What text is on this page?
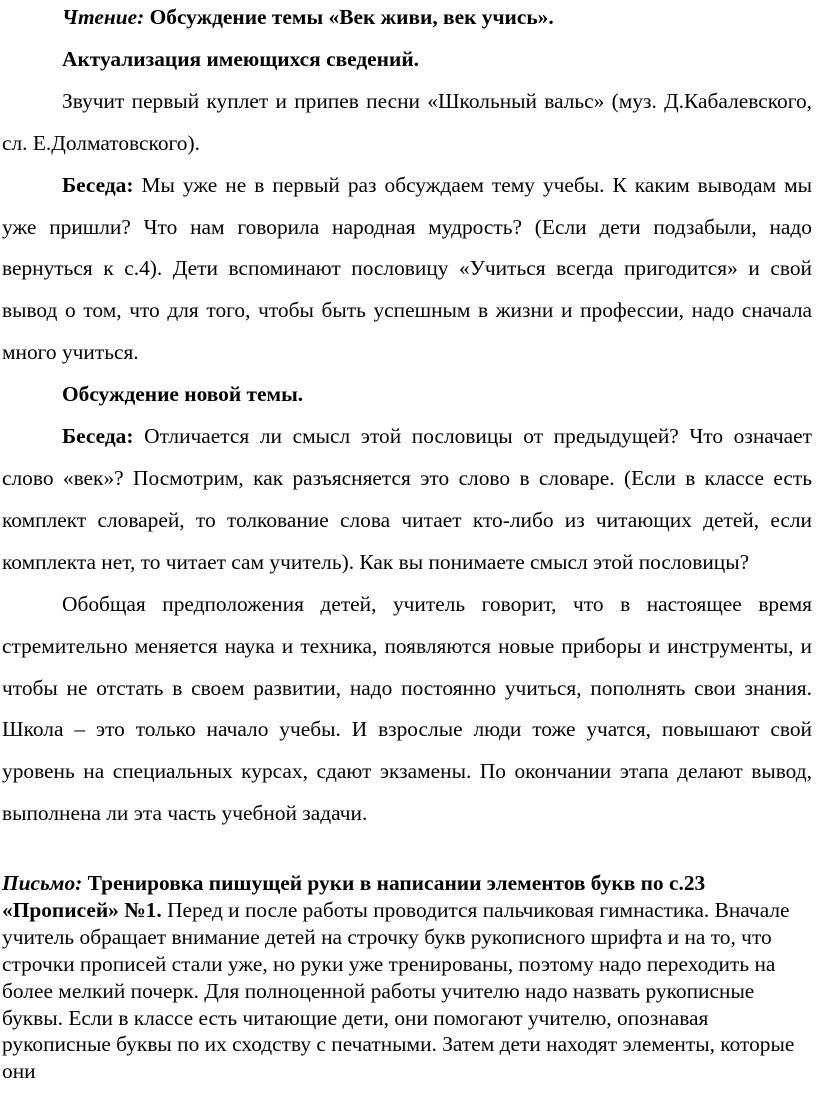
Чтение: Обсуждение темы «Век живи, век учись».

Актуализация имеющихся сведений.

Звучит первый куплет и припев песни «Школьный вальс» (муз. Д.Кабалевского, сл. Е.Долматовского).

Беседа: Мы уже не в первый раз обсуждаем тему учебы. К каким выводам мы уже пришли? Что нам говорила народная мудрость? (Если дети подзабыли, надо вернуться к с.4). Дети вспоминают пословицу «Учиться всегда пригодится» и свой вывод о том, что для того, чтобы быть успешным в жизни и профессии, надо сначала много учиться.

Обсуждение новой темы.

Беседа: Отличается ли смысл этой пословицы от предыдущей? Что означает слово «век»? Посмотрим, как разъясняется это слово в словаре. (Если в классе есть комплект словарей, то толкование слова читает кто-либо из читающих детей, если комплекта нет, то читает сам учитель). Как вы понимаете смысл этой пословицы?

Обобщая предположения детей, учитель говорит, что в настоящее время стремительно меняется наука и техника, появляются новые приборы и инструменты, и чтобы не отстать в своем развитии, надо постоянно учиться, пополнять свои знания. Школа – это только начало учебы. И взрослые люди тоже учатся, повышают свой уровень на специальных курсах, сдают экзамены. По окончании этапа делают вывод, выполнена ли эта часть учебной задачи.

Письмо: Тренировка пишущей руки в написании элементов букв по с.23 «Прописей» №1. Перед и после работы проводится пальчиковая гимнастика. Вначале учитель обращает внимание детей на строчку букв рукописного шрифта и на то, что строчки прописей стали уже, но руки уже тренированы, поэтому надо переходить на более мелкий почерк. Для полноценной работы учителю надо назвать рукописные буквы. Если в классе есть читающие дети, они помогают учителю, опознавая рукописные буквы по их сходству с печатными. Затем дети находят элементы, которые они
